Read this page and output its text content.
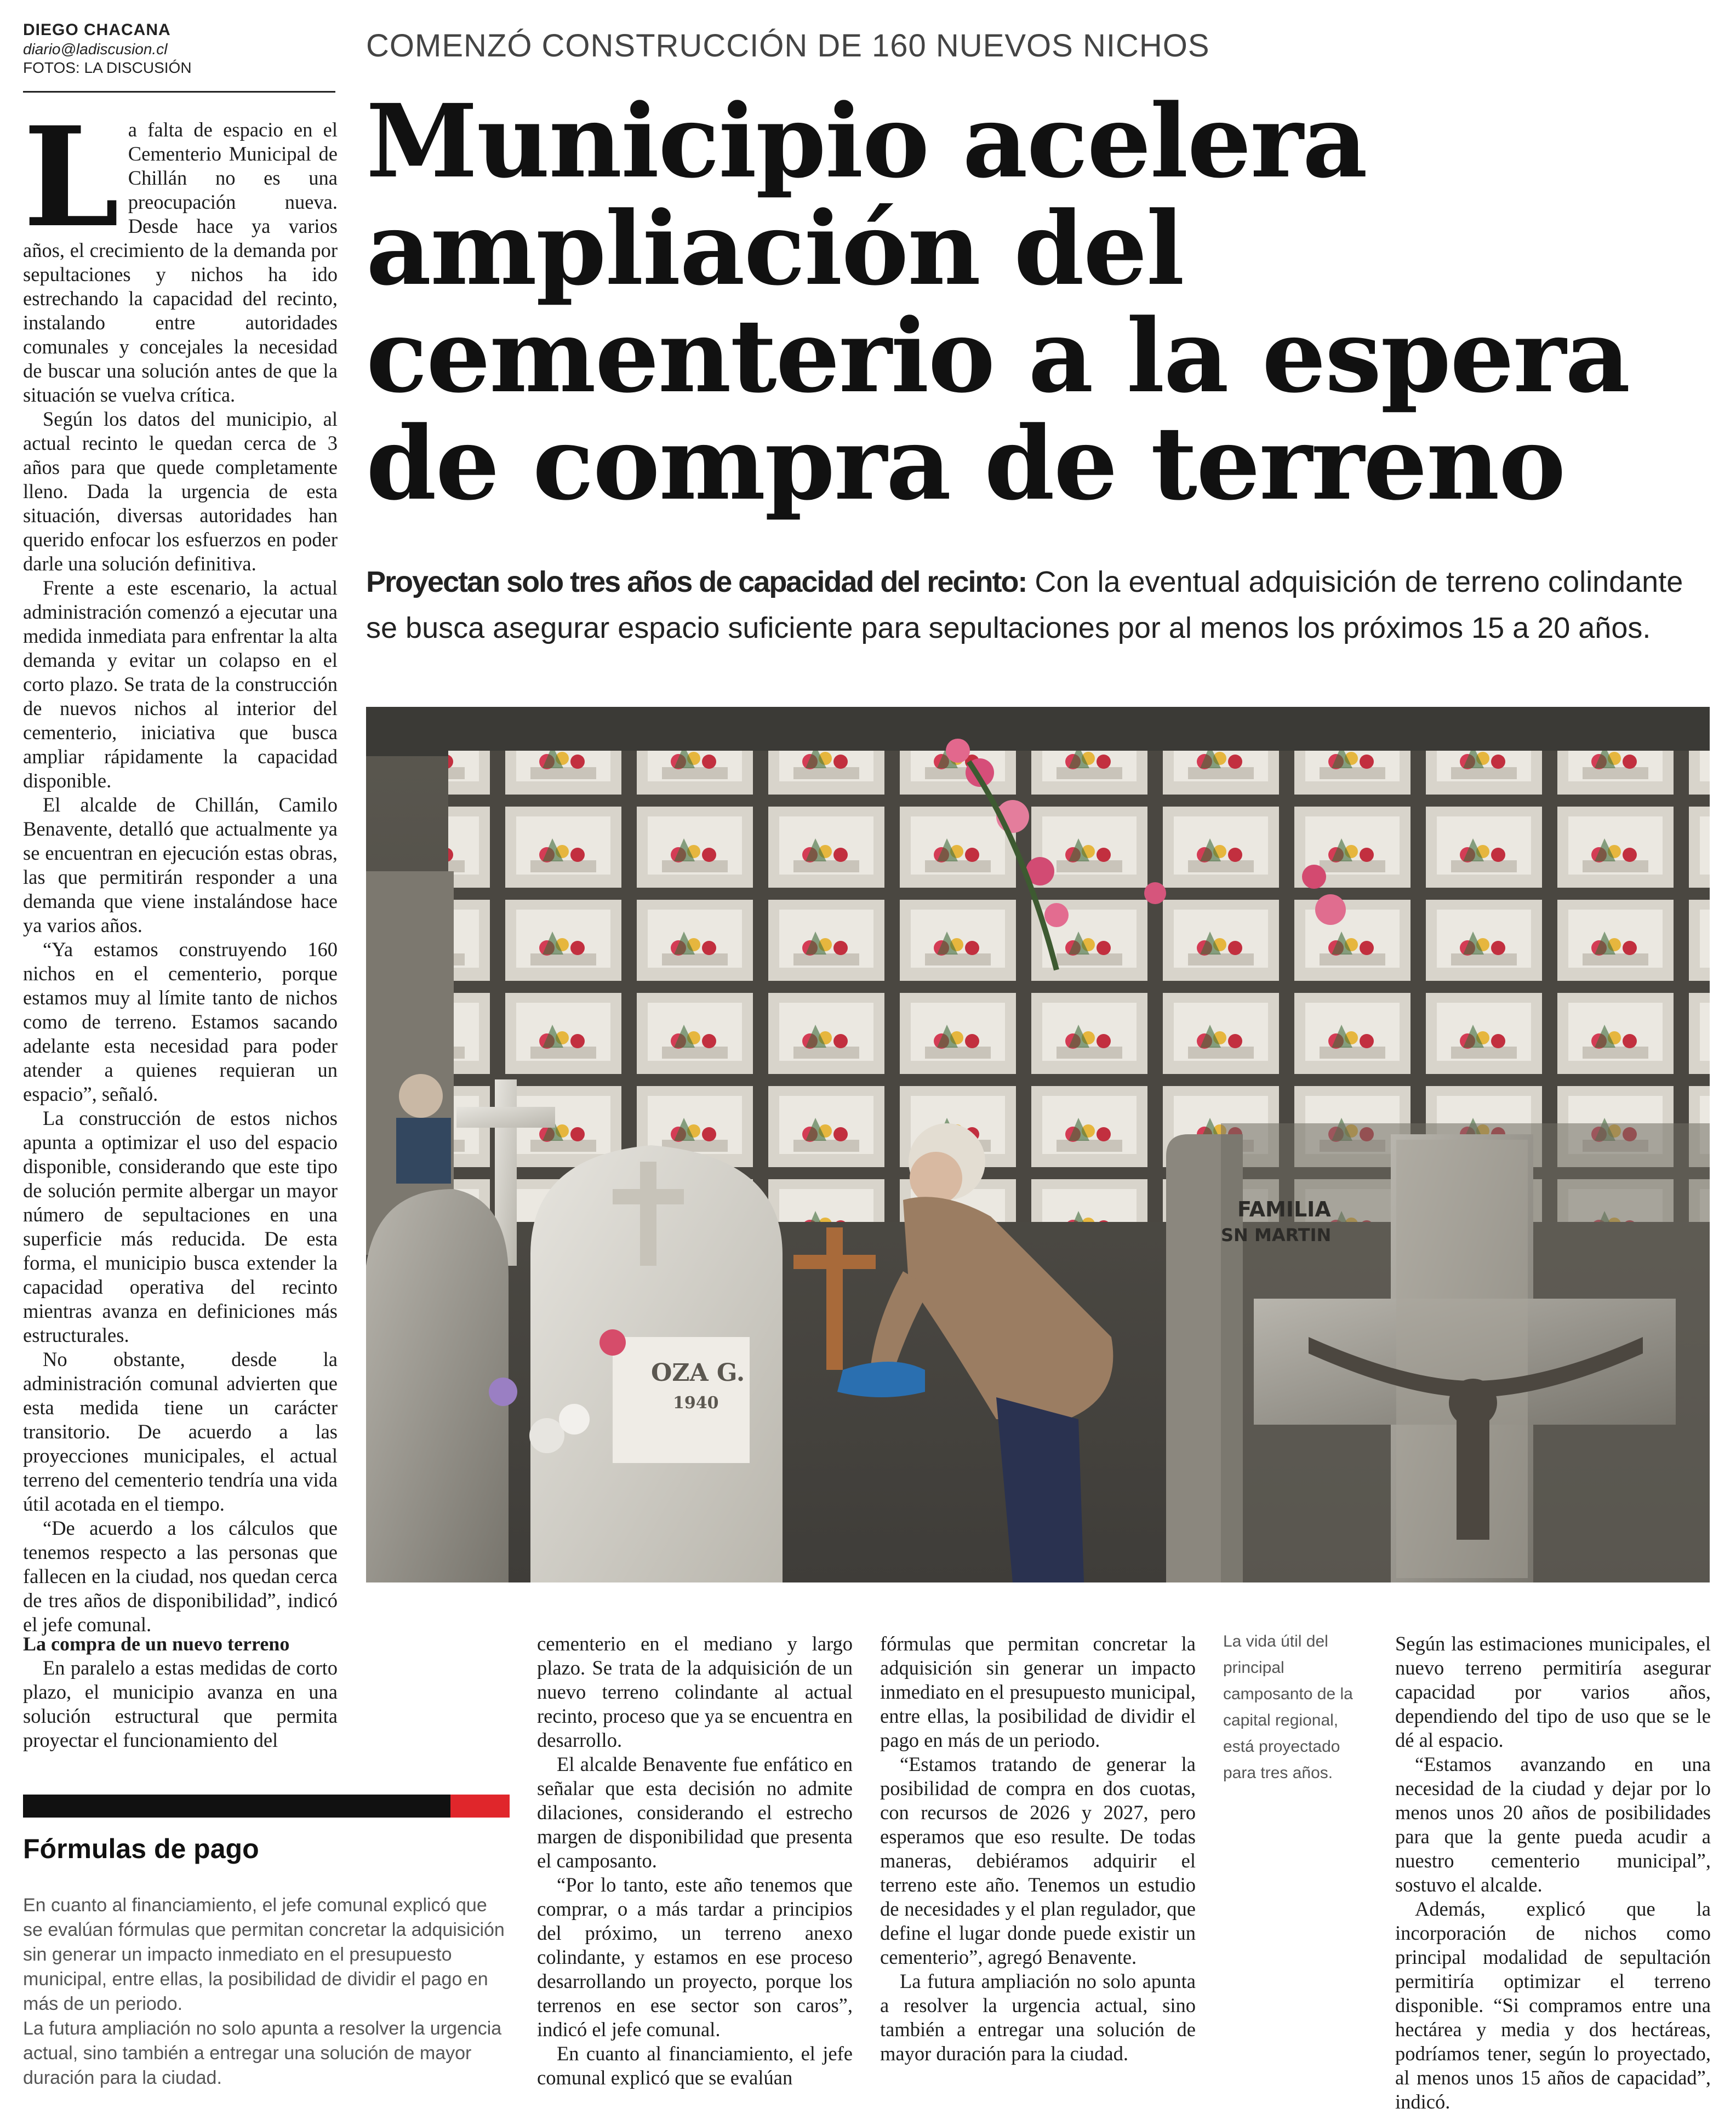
DIEGO CHACANA
diario@ladiscusion.cl
FOTOS: LA DISCUSIÓN
COMENZÓ CONSTRUCCIÓN DE 160 NUEVOS NICHOS
Municipio acelera
ampliación del
cementerio a la espera
de compra de terreno
Proyectan solo tres años de capacidad del recinto: Con la eventual adquisición de terreno colindante se busca asegurar espacio suficiente para sepultaciones por al menos los próximos 15 a 20 años.
OZA G.
1940
FAMILIA
SN MARTIN

La falta de espacio en el Cementerio Municipal de Chillán no es una preocupación nueva. Desde hace ya varios años, el crecimiento de la demanda por sepultaciones y nichos ha ido estrechando la capacidad del recinto, instalando entre autoridades comunales y concejales la necesidad de buscar una solución antes de que la situación se vuelva crítica.

Según los datos del municipio, al actual recinto le quedan cerca de 3 años para que quede completamente lleno. Dada la urgencia de esta situación, diversas autoridades han querido enfocar los esfuerzos en poder darle una solución definitiva.

Frente a este escenario, la actual administración comenzó a ejecutar una medida inmediata para enfrentar la alta demanda y evitar un colapso en el corto plazo. Se trata de la construcción de nuevos nichos al interior del cementerio, iniciativa que busca ampliar rápidamente la capacidad disponible.

El alcalde de Chillán, Camilo Benavente, detalló que actualmente ya se encuentran en ejecución estas obras, las que permitirán responder a una demanda que viene instalándose hace ya varios años.

“Ya estamos construyendo 160 nichos en el cementerio, porque estamos muy al límite tanto de nichos como de terreno. Estamos sacando adelante esta necesidad para poder atender a quienes requieran un espacio”, señaló.

La construcción de estos nichos apunta a optimizar el uso del espacio disponible, considerando que este tipo de solución permite albergar un mayor número de sepultaciones en una superficie más reducida. De esta forma, el municipio busca extender la capacidad operativa del recinto mientras avanza en definiciones más estructurales.

No obstante, desde la administración comunal advierten que esta medida tiene un carácter transitorio. De acuerdo a las proyecciones municipales, el actual terreno del cementerio tendría una vida útil acotada en el tiempo.

“De acuerdo a los cálculos que tenemos respecto a las personas que fallecen en la ciudad, nos quedan cerca de tres años de disponibilidad”, indicó el jefe comunal.

La compra de un nuevo terreno

En paralelo a estas medidas de corto plazo, el municipio avanza en una solución estructural que permita proyectar el funcionamiento del

Fórmulas de pago

En cuanto al financiamiento, el jefe comunal explicó que se evalúan fórmulas que permitan concretar la adquisición sin generar un impacto inmediato en el presupuesto municipal, entre ellas, la posibilidad de dividir el pago en más de un periodo.

La futura ampliación no solo apunta a resolver la urgencia actual, sino también a entregar una solución de mayor duración para la ciudad.

cementerio en el mediano y largo plazo. Se trata de la adquisición de un nuevo terreno colindante al actual recinto, proceso que ya se encuentra en desarrollo.

El alcalde Benavente fue enfático en señalar que esta decisión no admite dilaciones, considerando el estrecho margen de disponibilidad que presenta el camposanto.

“Por lo tanto, este año tenemos que comprar, o a más tardar a principios del próximo, un terreno anexo colindante, y estamos en ese proceso desarrollando un proyecto, porque los terrenos en ese sector son caros”, indicó el jefe comunal.

En cuanto al financiamiento, el jefe comunal explicó que se evalúan

fórmulas que permitan concretar la adquisición sin generar un impacto inmediato en el presupuesto municipal, entre ellas, la posibilidad de dividir el pago en más de un periodo.

“Estamos tratando de generar la posibilidad de compra en dos cuotas, con recursos de 2026 y 2027, pero esperamos que eso resulte. De todas maneras, debiéramos adquirir el terreno este año. Tenemos un estudio de necesidades y el plan regulador, que define el lugar donde puede existir un cementerio”, agregó Benavente.

La futura ampliación no solo apunta a resolver la urgencia actual, sino también a entregar una solución de mayor duración para la ciudad.

La vida útil del principal camposanto de la capital regional, está proyectado para tres años.

Según las estimaciones municipales, el nuevo terreno permitiría asegurar capacidad por varios años, dependiendo del tipo de uso que se le dé al espacio.

“Estamos avanzando en una necesidad de la ciudad y dejar por lo menos unos 20 años de posibilidades para que la gente pueda acudir a nuestro cementerio municipal”, sostuvo el alcalde.

Además, explicó que la incorporación de nichos como principal modalidad de sepultación permitiría optimizar el terreno disponible. “Si compramos entre una hectárea y media y dos hectáreas, podríamos tener, según lo proyectado, al menos unos 15 años de capacidad”, indicó.
